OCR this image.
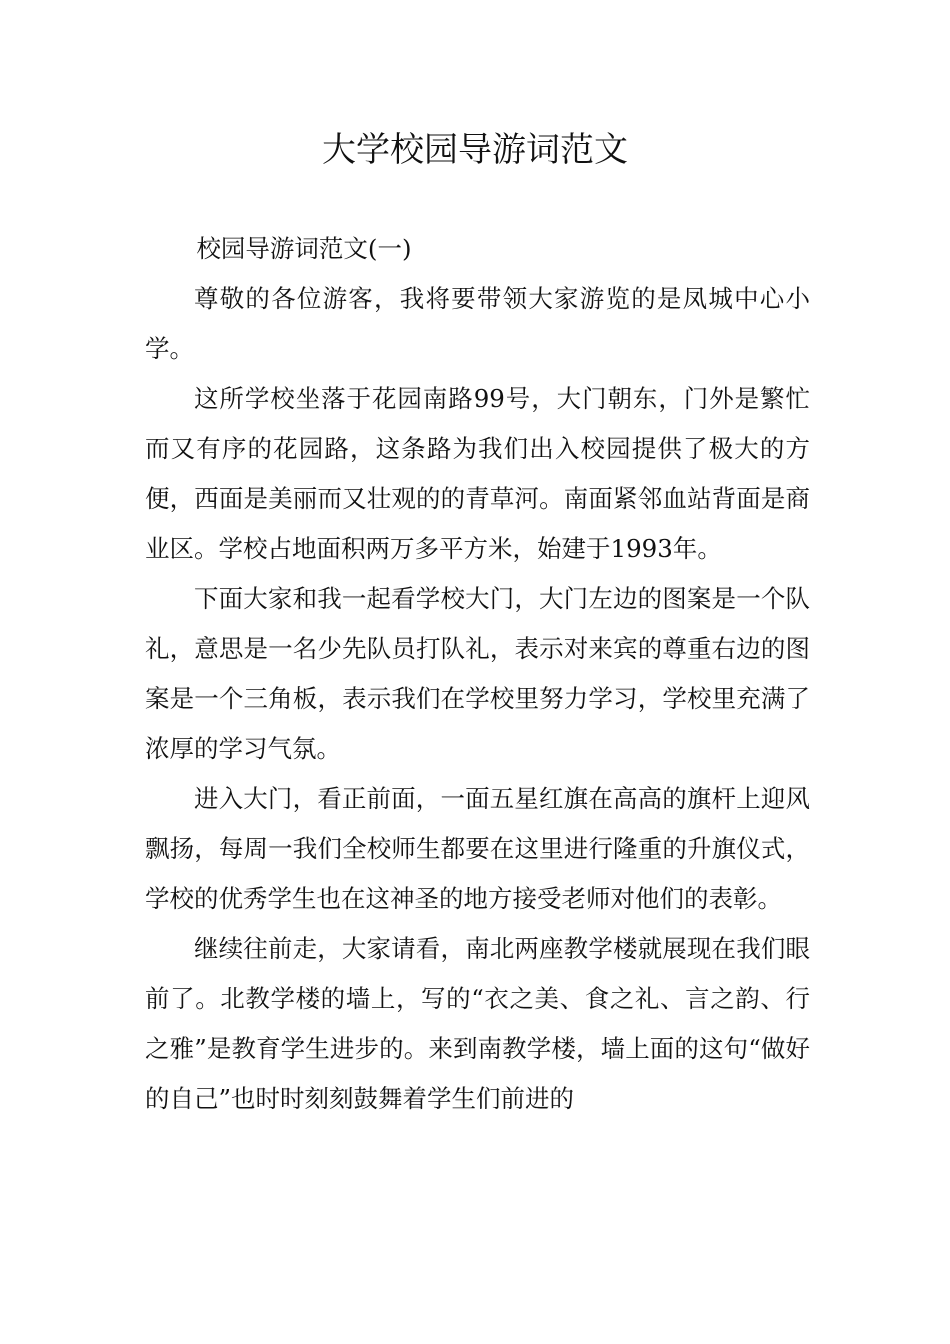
大学校园导游词范文

校园导游词范文(一)

尊敬的各位游客，我将要带领大家游览的是凤城中心小学。

这所学校坐落于花园南路99号，大门朝东，门外是繁忙而又有序的花园路，这条路为我们出入校园提供了极大的方便，西面是美丽而又壮观的的青草河。南面紧邻血站背面是商业区。学校占地面积两万多平方米，始建于1993年。

下面大家和我一起看学校大门，大门左边的图案是一个队礼，意思是一名少先队员打队礼，表示对来宾的尊重右边的图案是一个三角板，表示我们在学校里努力学习，学校里充满了浓厚的学习气氛。

进入大门，看正前面，一面五星红旗在高高的旗杆上迎风飘扬，每周一我们全校师生都要在这里进行隆重的升旗仪式，学校的优秀学生也在这神圣的地方接受老师对他们的表彰。

继续往前走，大家请看，南北两座教学楼就展现在我们眼前了。北教学楼的墙上，写的“衣之美、食之礼、言之韵、行之雅”是教育学生进步的。来到南教学楼，墙上面的这句“做好的自己”也时时刻刻鼓舞着学生们前进的
